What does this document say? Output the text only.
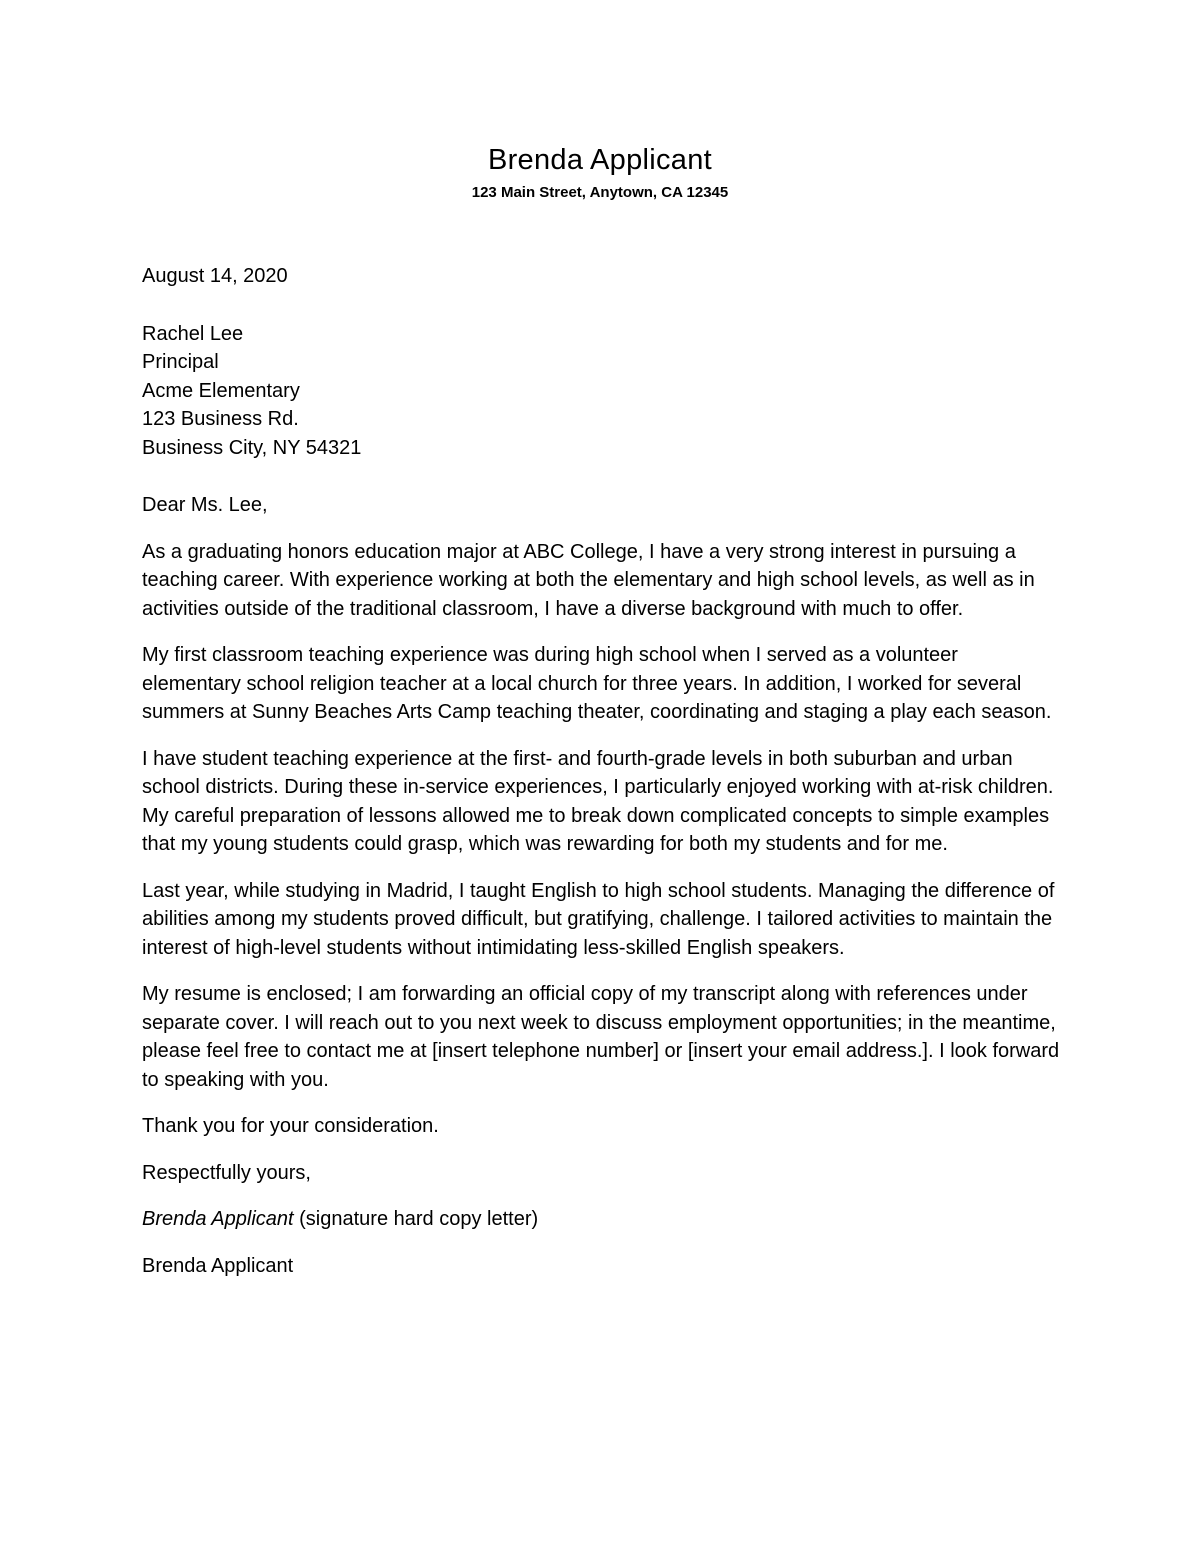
Brenda Applicant
123 Main Street, Anytown, CA 12345
August 14, 2020
Rachel Lee
Principal
Acme Elementary
123 Business Rd.
Business City, NY 54321
Dear Ms. Lee,

As a graduating honors education major at ABC College, I have a very strong interest in pursuing a teaching career. With experience working at both the elementary and high school levels, as well as in activities outside of the traditional classroom, I have a diverse background with much to offer.

My first classroom teaching experience was during high school when I served as a volunteer elementary school religion teacher at a local church for three years. In addition, I worked for several summers at Sunny Beaches Arts Camp teaching theater, coordinating and staging a play each season.

I have student teaching experience at the first- and fourth-grade levels in both suburban and urban school districts. During these in-service experiences, I particularly enjoyed working with at-risk children. My careful preparation of lessons allowed me to break down complicated concepts to simple examples that my young students could grasp, which was rewarding for both my students and for me.

Last year, while studying in Madrid, I taught English to high school students. Managing the difference of abilities among my students proved difficult, but gratifying, challenge. I tailored activities to maintain the interest of high-level students without intimidating less-skilled English speakers.

My resume is enclosed; I am forwarding an official copy of my transcript along with references under separate cover. I will reach out to you next week to discuss employment opportunities; in the meantime, please feel free to contact me at [insert telephone number] or [insert your email address.]. I look forward to speaking with you.

Thank you for your consideration.
Respectfully yours,
Brenda Applicant (signature hard copy letter)
Brenda Applicant
